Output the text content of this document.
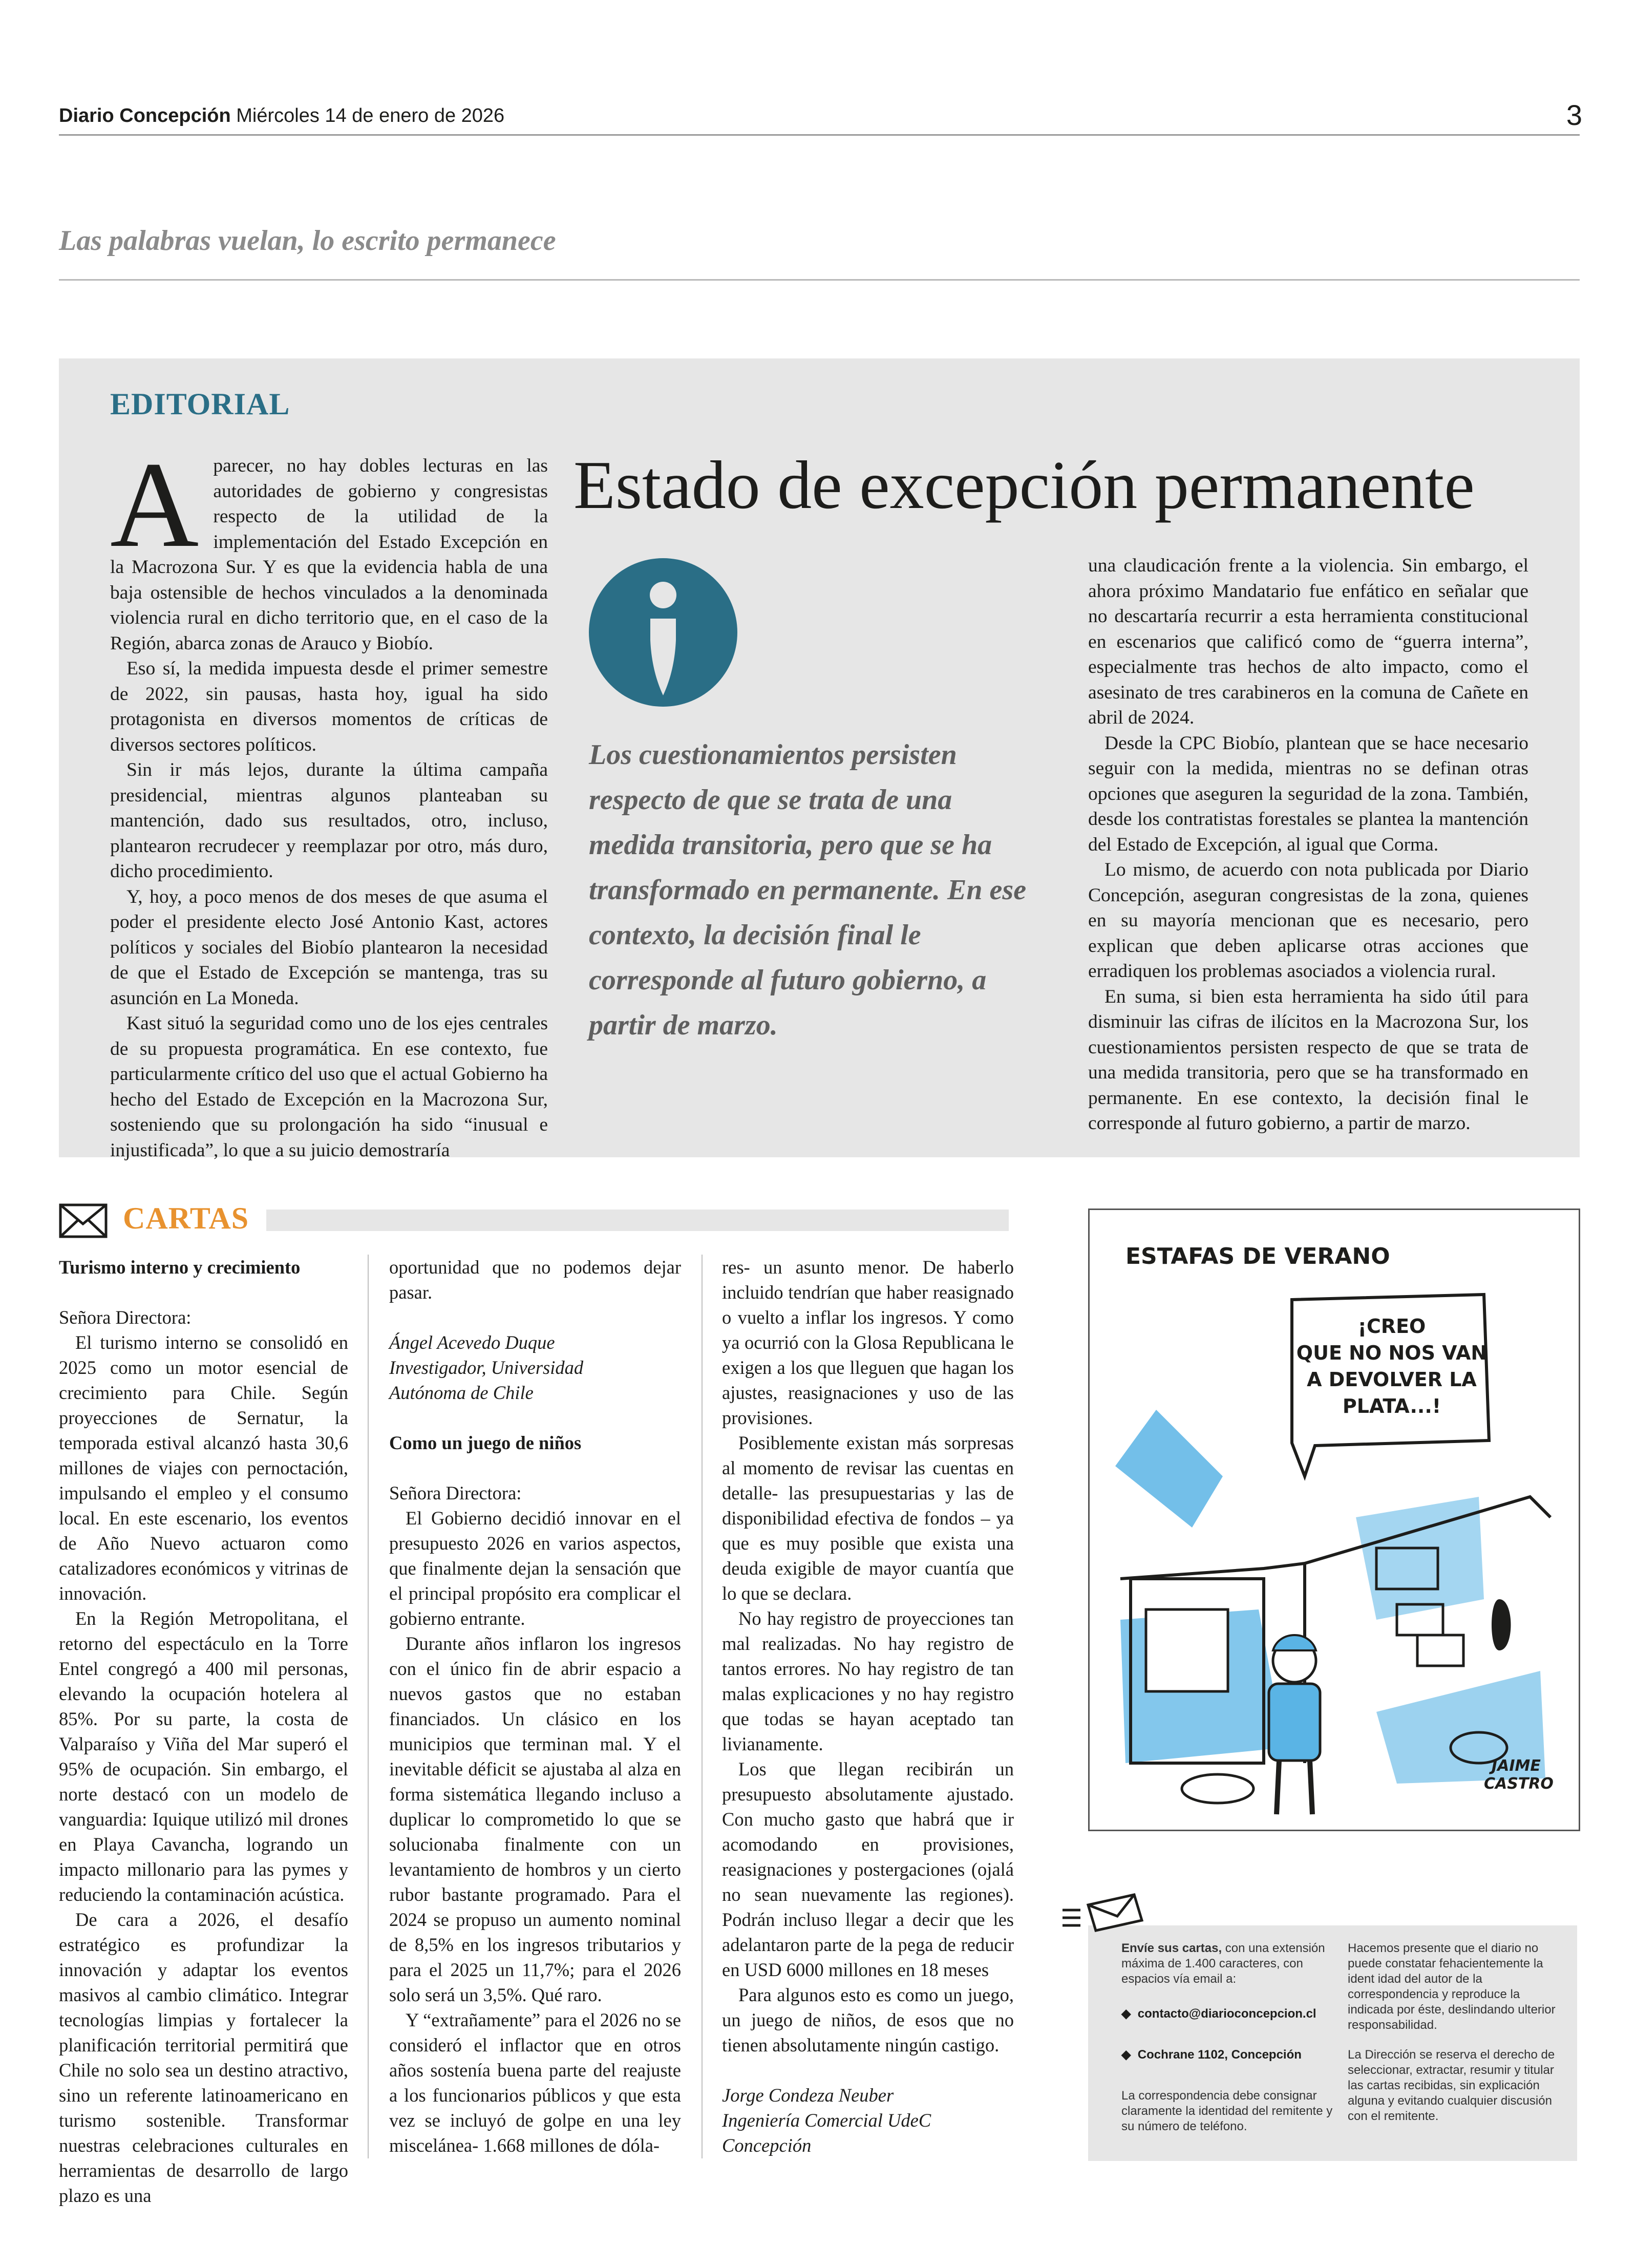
Diario Concepción Miércoles 14 de enero de 2026	3
Las palabras vuelan, lo escrito permanece
EDITORIAL
A parecer, no hay dobles lecturas en las autoridades de gobierno y congresistas respecto de la utilidad de la implementación del Estado Excepción en la Macrozona Sur. Y es que la evidencia habla de una baja ostensible de hechos vinculados a la denominada violencia rural en dicho territorio que, en el caso de la Región, abarca zonas de Arauco y Biobío.

Eso sí, la medida impuesta desde el primer semestre de 2022, sin pausas, hasta hoy, igual ha sido protagonista en diversos momentos de críticas de diversos sectores políticos.

Sin ir más lejos, durante la última campaña presidencial, mientras algunos planteaban su mantención, dado sus resultados, otro, incluso, plantearon recrudecer y reemplazar por otro, más duro, dicho procedimiento.

Y, hoy, a poco menos de dos meses de que asuma el poder el presidente electo José Antonio Kast, actores políticos y sociales del Biobío plantearon la necesidad de que el Estado de Excepción se mantenga, tras su asunción en La Moneda.

Kast situó la seguridad como uno de los ejes centrales de su propuesta programática. En ese contexto, fue particularmente crítico del uso que el actual Gobierno ha hecho del Estado de Excepción en la Macrozona Sur, sosteniendo que su prolongación ha sido “inusual e injustificada”, lo que a su juicio demostraría

Estado de excepción permanente
Los cuestionamientos persisten respecto de que se trata de una medida transitoria, pero que se ha transformado en permanente. En ese contexto, la decisión final le corresponde al futuro gobierno, a partir de marzo.

una claudicación frente a la violencia. Sin embargo, el ahora próximo Mandatario fue enfático en señalar que no descartaría recurrir a esta herramienta constitucional en escenarios que calificó como de “guerra interna”, especialmente tras hechos de alto impacto, como el asesinato de tres carabineros en la comuna de Cañete en abril de 2024.

Desde la CPC Biobío, plantean que se hace necesario seguir con la medida, mientras no se definan otras opciones que aseguren la seguridad de la zona. También, desde los contratistas forestales se plantea la mantención del Estado de Excepción, al igual que Corma.

Lo mismo, de acuerdo con nota publicada por Diario Concepción, aseguran congresistas de la zona, quienes en su mayoría mencionan que es necesario, pero explican que deben aplicarse otras acciones que erradiquen los problemas asociados a violencia rural.

En suma, si bien esta herramienta ha sido útil para disminuir las cifras de ilícitos en la Macrozona Sur, los cuestionamientos persisten respecto de que se trata de una medida transitoria, pero que se ha transformado en permanente. En ese contexto, la decisión final le corresponde al futuro gobierno, a partir de marzo.

CARTAS

Turismo interno y crecimiento

Señora Directora:

El turismo interno se consolidó en 2025 como un motor esencial de crecimiento para Chile. Según proyecciones de Sernatur, la temporada estival alcanzó hasta 30,6 millones de viajes con pernoctación, impulsando el empleo y el consumo local. En este escenario, los eventos de Año Nuevo actuaron como catalizadores económicos y vitrinas de innovación.

En la Región Metropolitana, el retorno del espectáculo en la Torre Entel congregó a 400 mil personas, elevando la ocupación hotelera al 85%. Por su parte, la costa de Valparaíso y Viña del Mar superó el 95% de ocupación. Sin embargo, el norte destacó con un modelo de vanguardia: Iquique utilizó mil drones en Playa Cavancha, logrando un impacto millonario para las pymes y reduciendo la contaminación acústica.

De cara a 2026, el desafío estratégico es profundizar la innovación y adaptar los eventos masivos al cambio climático. Integrar tecnologías limpias y fortalecer la planificación territorial permitirá que Chile no solo sea un destino atractivo, sino un referente latinoamericano en turismo sostenible. Transformar nuestras celebraciones culturales en herramientas de desarrollo de largo plazo es una

oportunidad que no podemos dejar pasar.

Ángel Acevedo Duque

Investigador, Universidad

Autónoma de Chile

Como un juego de niños

Señora Directora:

El Gobierno decidió innovar en el presupuesto 2026 en varios aspectos, que finalmente dejan la sensación que el principal propósito era complicar el gobierno entrante.

Durante años inflaron los ingresos con el único fin de abrir espacio a nuevos gastos que no estaban financiados. Un clásico en los municipios que terminan mal. Y el inevitable déficit se ajustaba al alza en forma sistemática llegando incluso a duplicar lo comprometido lo que se solucionaba finalmente con un levantamiento de hombros y un cierto rubor bastante programado. Para el 2024 se propuso un aumento nominal de 8,5% en los ingresos tributarios y para el 2025 un 11,7%; para el 2026 solo será un 3,5%. Qué raro.

Y “extrañamente” para el 2026 no se consideró el inflactor que en otros años sostenía buena parte del reajuste a los funcionarios públicos y que esta vez se incluyó de golpe en una ley miscelánea- 1.668 millones de dóla-

res- un asunto menor. De haberlo incluido tendrían que haber reasignado o vuelto a inflar los ingresos. Y como ya ocurrió con la Glosa Republicana le exigen a los que lleguen que hagan los ajustes, reasignaciones y uso de las provisiones.

Posiblemente existan más sorpresas al momento de revisar las cuentas en detalle- las presupuestarias y las de disponibilidad efectiva de fondos – ya que es muy posible que exista una deuda exigible de mayor cuantía que lo que se declara.

No hay registro de proyecciones tan mal realizadas. No hay registro de tantos errores. No hay registro de tan malas explicaciones y no hay registro que todas se hayan aceptado tan livianamente.

Los que llegan recibirán un presupuesto absolutamente ajustado. Con mucho gasto que habrá que ir acomodando en provisiones, reasignaciones y postergaciones (ojalá no sean nuevamente las regiones). Podrán incluso llegar a decir que les adelantaron parte de la pega de reducir en USD 6000 millones en 18 meses

Para algunos esto es como un juego, un juego de niños, de esos que no tienen absolutamente ningún castigo.

Jorge Condeza Neuber

Ingeniería Comercial UdeC

Concepción

ESTAFAS DE VERANO
¡CREO
QUE NO NOS VAN
A DEVOLVER LA
PLATA...!
JAIME
CASTRO
Envíe sus cartas, con una extensión máxima de 1.400 caracteres, con espacios vía email a:
◆  contacto@diarioconcepcion.cl
◆  Cochrane 1102, Concepción
La correspondencia debe consignar claramente la identidad del remitente y su número de teléfono.
Hacemos presente que el diario no puede constatar fehacientemente la ident idad del autor de la correspondencia y reproduce la indicada por éste, deslindando ulterior responsabilidad.
La Dirección se reserva el derecho de seleccionar, extractar, resumir y titular las cartas recibidas, sin explicación alguna y evitando cualquier discusión con el remitente.
